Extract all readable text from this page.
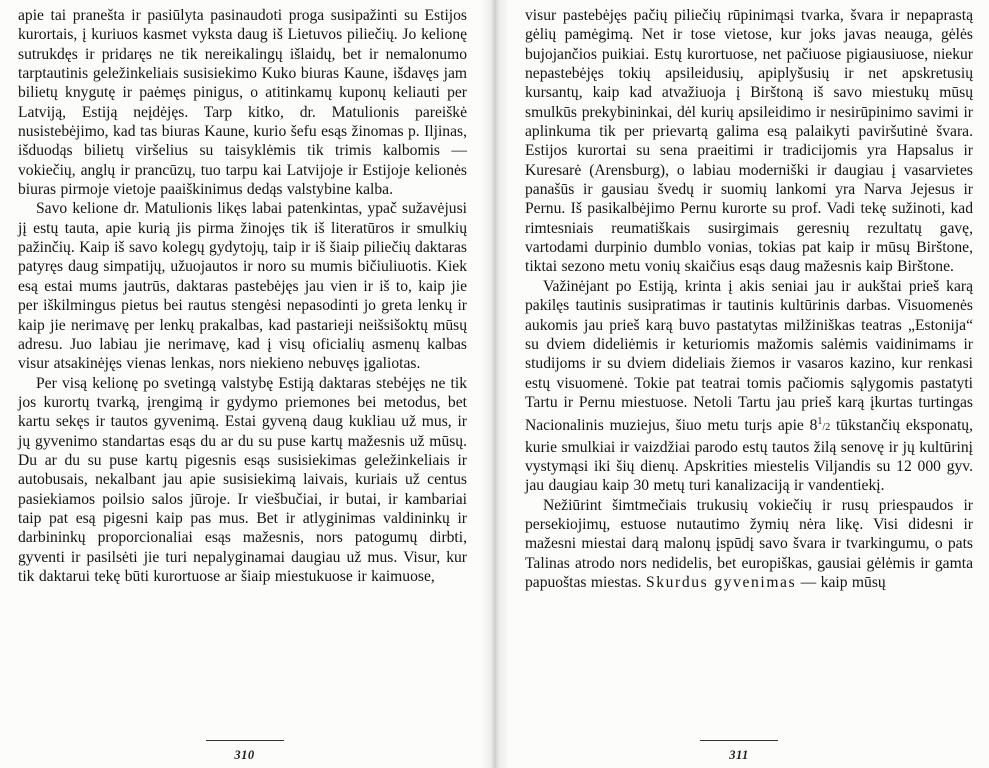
apie tai pranešta ir pasiūlyta pasinaudoti proga susipažinti su Estijos kurortais, į kuriuos kasmet vyksta daug iš Lietuvos piliečių. Jo kelionę sutrukdęs ir pridaręs ne tik nereikalingų išlaidų, bet ir nemalonumo tarptautinis geležinkeliais susisiekimo Kuko biuras Kaune, išdavęs jam bilietų knygutę ir paėmęs pinigus, o atitinkamų kuponų keliauti per Latviją, Estiją neįdėjęs. Tarp kitko, dr. Matulionis pareiškė nusistebėjimo, kad tas biuras Kaune, kurio šefu esąs žinomas p. Iljinas, išduodąs bilietų viršelius su taisyklėmis tik trimis kalbomis — vokiečių, anglų ir prancūzų, tuo tarpu kai Latvijoje ir Estijoje kelionės biuras pirmoje vietoje paaiškinimus dedąs valstybine kalba.

Savo kelione dr. Matulionis likęs labai patenkintas, ypač sužavėjusi jį estų tauta, apie kurią jis pirma žinojęs tik iš literatūros ir smulkių pažinčių. Kaip iš savo kolegų gydytojų, taip ir iš šiaip piliečių daktaras patyręs daug simpatijų, užuojautos ir noro su mumis bičiuliuotis. Kiek esą estai mums jautrūs, daktaras pastebėjęs jau vien ir iš to, kaip jie per iškilmingus pietus bei rautus stengėsi nepasodinti jo greta lenkų ir kaip jie nerimavę per lenkų prakalbas, kad pastarieji neišsišoktų mūsų adresu. Juo labiau jie nerimavę, kad į visų oficialių asmenų kalbas visur atsakinėjęs vienas lenkas, nors niekieno nebuvęs įgaliotas.

Per visą kelionę po svetingą valstybę Estiją daktaras stebėjęs ne tik jos kurortų tvarką, įrengimą ir gydymo priemones bei metodus, bet kartu sekęs ir tautos gyvenimą. Estai gyveną daug kukliau už mus, ir jų gyvenimo standartas esąs du ar du su puse kartų mažesnis už mūsų. Du ar du su puse kartų pigesnis esąs susisiekimas geležinkeliais ir autobusais, nekalbant jau apie susisiekimą laivais, kuriais už centus pasiekiamos poilsio salos jūroje. Ir viešbučiai, ir butai, ir kambariai taip pat esą pigesni kaip pas mus. Bet ir atlyginimas valdininkų ir darbininkų proporcionaliai esąs mažesnis, nors patogumų dirbti, gyventi ir pasilsėti jie turi nepalyginamai daugiau už mus. Visur, kur tik daktarui tekę būti kurortuose ar šiaip miestukuose ir kaimuose,

310

visur pastebėjęs pačių piliečių rūpinimąsi tvarka, švara ir nepaprastą gėlių pamėgimą. Net ir tose vietose, kur joks javas neauga, gėlės bujojančios puikiai. Estų kurortuose, net pačiuose pigiausiuose, niekur nepastebėjęs tokių apsileidusių, apiplyšusių ir net apskretusių kursantų, kaip kad atvažiuoja į Birštoną iš savo miestukų mūsų smulkūs prekybininkai, dėl kurių apsileidimo ir nesirūpinimo savimi ir aplinkuma tik per prievartą galima esą palaikyti paviršutinė švara. Estijos kurortai su sena praeitimi ir tradicijomis yra Hapsalus ir Kuresarė (Arensburg), o labiau moderniški ir daugiau į vasarvietes panašūs ir gausiau švedų ir suomių lankomi yra Narva Jejesus ir Pernu. Iš pasikalbėjimo Pernu kurorte su prof. Vadi tekę sužinoti, kad rimtesniais reumatiškais susirgimais geresnių rezultatų gavę, vartodami durpinio dumblo vonias, tokias pat kaip ir mūsų Birštone, tiktai sezono metu vonių skaičius esąs daug mažesnis kaip Birštone.

Važinėjant po Estiją, krinta į akis seniai jau ir aukštai prieš karą pakilęs tautinis susipratimas ir tautinis kultūrinis darbas. Visuomenės aukomis jau prieš karą buvo pastatytas milžiniškas teatras „Estonija“ su dviem dideliėmis ir keturiomis mažomis salėmis vaidinimams ir studijoms ir su dviem dideliais žiemos ir vasaros kazino, kur renkasi estų visuomenė. Tokie pat teatrai tomis pačiomis sąlygomis pastatyti Tartu ir Pernu miestuose. Netoli Tartu jau prieš karą įkurtas turtingas Nacionalinis muziejus, šiuo metu turįs apie $8^1/2$ tūkstančių eksponatų, kurie smulkiai ir vaizdžiai parodo estų tautos žilą senovę ir jų kultūrinį vystymąsi iki šių dienų. Apskrities miestelis Viljandis su 12 000 gyv. jau daugiau kaip 30 metų turi kanalizaciją ir vandentiekį.

Nežiūrint šimtmečiais trukusių vokiečių ir rusų priespaudos ir persekiojimų, estuose nutautimo žymių nėra likę. Visi didesni ir mažesni miestai darą malonų įspūdį savo švara ir tvarkingumu, o pats Talinas atrodo nors nedidelis, bet europiškas, gausiai gėlėmis ir gamta papuoštas miestas. Skurdus gyvenimas — kaip mūsų

311
